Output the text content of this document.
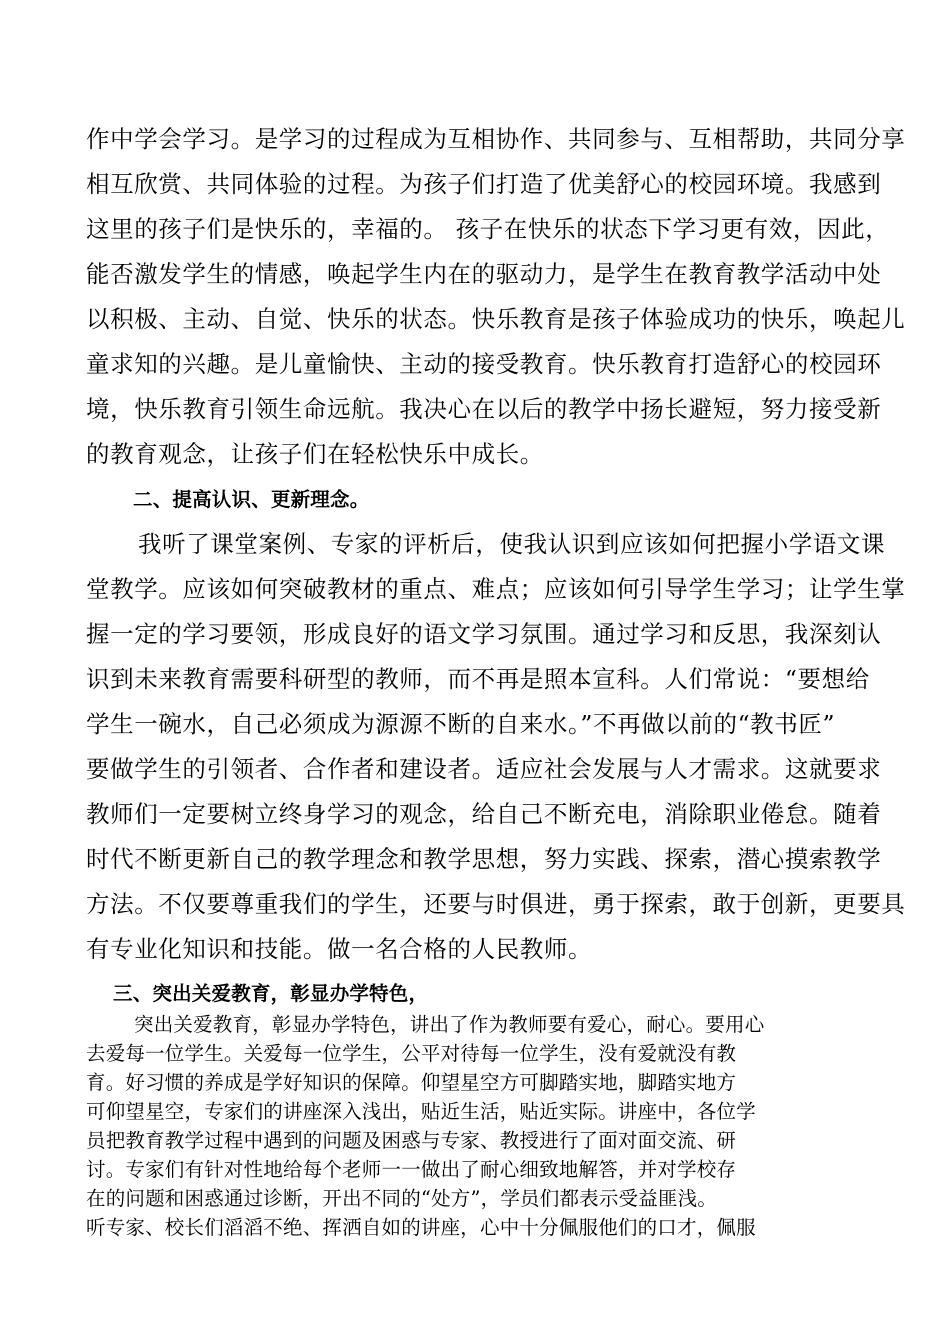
作中学会学习。是学习的过程成为互相协作、共同参与、互相帮助，共同分享
相互欣赏、共同体验的过程。为孩子们打造了优美舒心的校园环境。我感到
这里的孩子们是快乐的，幸福的。 孩子在快乐的状态下学习更有效，因此，
能否激发学生的情感，唤起学生内在的驱动力，是学生在教育教学活动中处
以积极、主动、自觉、快乐的状态。快乐教育是孩子体验成功的快乐，唤起儿
童求知的兴趣。是儿童愉快、主动的接受教育。快乐教育打造舒心的校园环
境，快乐教育引领生命远航。我决心在以后的教学中扬长避短，努力接受新
的教育观念，让孩子们在轻松快乐中成长。
二、提高认识、更新理念。
我听了课堂案例、专家的评析后，使我认识到应该如何把握小学语文课
堂教学。应该如何突破教材的重点、难点；应该如何引导学生学习；让学生掌
握一定的学习要领，形成良好的语文学习氛围。通过学习和反思，我深刻认
识到未来教育需要科研型的教师，而不再是照本宣科。人们常说：“要想给
学生一碗水，自己必须成为源源不断的自来水。”不再做以前的“教书匠”
要做学生的引领者、合作者和建设者。适应社会发展与人才需求。这就要求
教师们一定要树立终身学习的观念，给自己不断充电，消除职业倦怠。随着
时代不断更新自己的教学理念和教学思想，努力实践、探索，潜心摸索教学
方法。不仅要尊重我们的学生，还要与时俱进，勇于探索，敢于创新，更要具
有专业化知识和技能。做一名合格的人民教师。
三、突出关爱教育，彰显办学特色，
突出关爱教育，彰显办学特色，讲出了作为教师要有爱心，耐心。要用心
去爱每一位学生。关爱每一位学生，公平对待每一位学生，没有爱就没有教
育。好习惯的养成是学好知识的保障。仰望星空方可脚踏实地，脚踏实地方
可仰望星空，专家们的讲座深入浅出，贴近生活，贴近实际。讲座中，各位学
员把教育教学过程中遇到的问题及困惑与专家、教授进行了面对面交流、研
讨。专家们有针对性地给每个老师一一做出了耐心细致地解答，并对学校存
在的问题和困惑通过诊断，开出不同的“处方”，学员们都表示受益匪浅。
听专家、校长们滔滔不绝、挥洒自如的讲座，心中十分佩服他们的口才，佩服
